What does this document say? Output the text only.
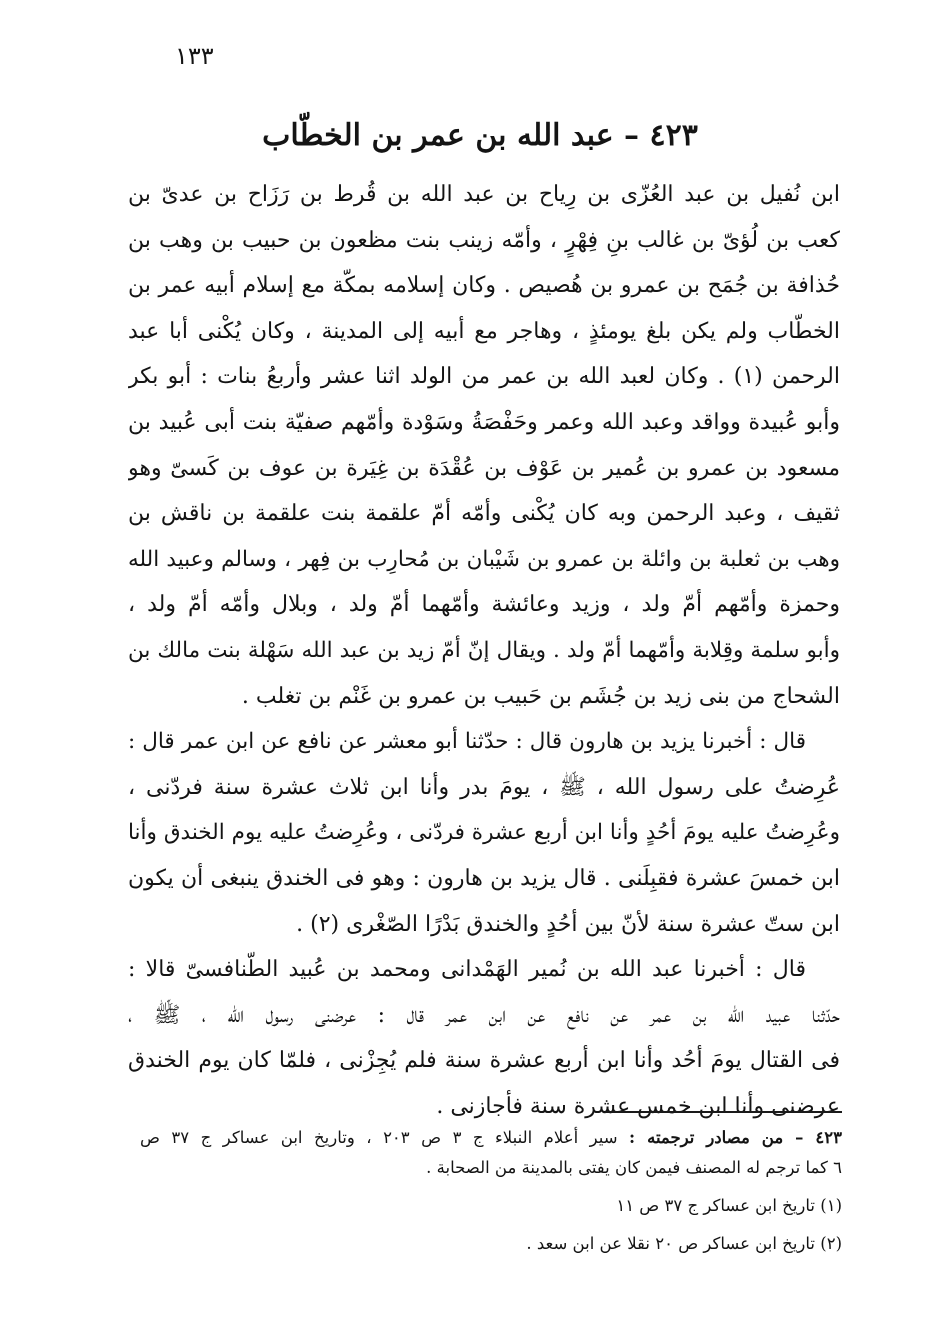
١٣٣
٤٢٣ – عبد الله بن عمر بن الخطّاب
ابن نُفيل بن عبد العُزّى بن رِياح بن عبد الله بن قُرط بن رَزَاح بن عدىّ بن
كعب بن لُؤىّ بن غالب بنِ فِهْرٍ ، وأمّه زينب بنت مظعون بن حبيب بن وهب بن
حُذافة بن جُمَح بن عمرو بن هُصيص . وكان إسلامه بمكّة مع إسلام أبيه عمر بن
الخطّاب ولم يكن بلغ يومئذٍ ، وهاجر مع أبيه إلى المدينة ، وكان يُكْنى أبا عبد
الرحمن (١) . وكان لعبد الله بن عمر من الولد اثنا عشر وأربعُ بنات : أبو بكر
وأبو عُبيدة وواقد وعبد الله وعمر وحَفْصَةُ وسَوْدة وأمّهم صفيّة بنت أبى عُبيد بن
مسعود بن عمرو بن عُمير بن عَوْف بن عُقْدَة بن غِيَرة بن عوف بن كَسىّ وهو
ثقيف ، وعبد الرحمن وبه كان يُكْنى وأمّه أمّ علقمة بنت علقمة بن ناقش بن
وهب بن ثعلبة بن وائلة بن عمرو بن شَيْبان بن مُحارِب بن فِهر ، وسالم وعبيد الله
وحمزة وأمّهم أمّ ولد ، وزيد وعائشة وأمّهما أمّ ولد ، وبلال وأمّه أمّ ولد ،
وأبو سلمة وقِلابة وأمّهما أمّ ولد . ويقال إنّ أمّ زيد بن عبد الله سَهْلة بنت مالك بن
الشحاج من بنى زيد بن جُشَم بن حَبيب بن عمرو بن غَنْم بن تغلب .
قال : أخبرنا يزيد بن هارون قال : حدّثنا أبو معشر عن نافع عن ابن عمر قال :
عُرِضتُ على رسول الله ، ﷺ ، يومَ بدر وأنا ابن ثلاث عشرة سنة فردّنى ،
وعُرِضتُ عليه يومَ أحُدٍ وأنا ابن أربع عشرة فردّنى ، وعُرِضتُ عليه يوم الخندق وأنا
ابن خمسَ عشرة فقبِلَنى . قال يزيد بن هارون : وهو فى الخندق ينبغى أن يكون
ابن ستّ عشرة سنة لأنّ بين أحُدٍ والخندق بَدْرًا الصّغْرى (٢) .
قال : أخبرنا عبد الله بن نُمير الهَمْدانى ومحمد بن عُبيد الطّنافسىّ قالا :
حدّثنا عبيد الله بن عمر عن نافع عن ابن عمر قال : عرضنى رسول الله ، ﷺ ،
فى القتال يومَ أحُد وأنا ابن أربع عشرة سنة فلم يُجِزْنى ، فلمّا كان يوم الخندق
عرضنى وأنا ابن خمس عشرة سنة فأجازنى .
٤٢٣ – من مصادر ترجمته : سير أعلام النبلاء ج ٣ ص ٢٠٣ ، وتاريخ ابن عساكر ج ٣٧ ص
٦ كما ترجم له المصنف فيمن كان يفتى بالمدينة من الصحابة .
(١) تاريخ ابن عساكر ج ٣٧ ص ١١
(٢) تاريخ ابن عساكر ص ٢٠ نقلا عن ابن سعد .
